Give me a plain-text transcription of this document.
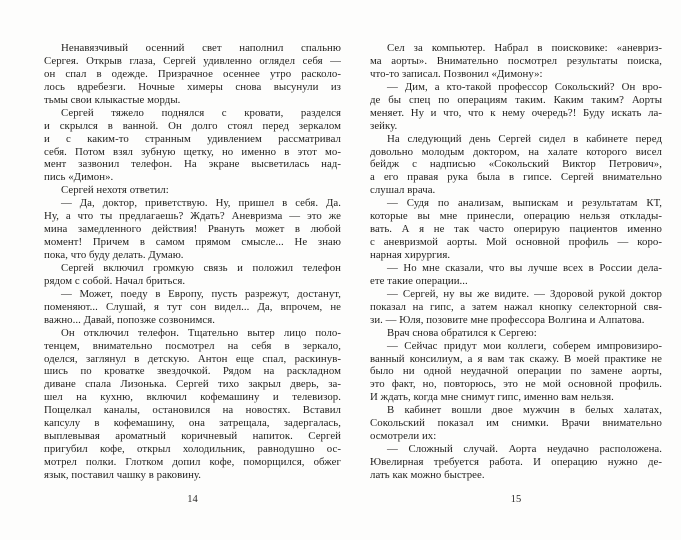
Ненавязчивый осенний свет наполнил спальню
Сергея. Открыв глаза, Сергей удивленно оглядел себя —
он спал в одежде. Призрачное осеннее утро расколо-
лось вдребезги. Ночные химеры снова высунули из
тьмы свои клыкастые морды.
Сергей тяжело поднялся с кровати, разделся
и скрылся в ванной. Он долго стоял перед зеркалом
и с каким-то странным удивлением рассматривал
себя. Потом взял зубную щетку, но именно в этот мо-
мент зазвонил телефон. На экране высветилась над-
пись «Димон».
Сергей нехотя ответил:
— Да, доктор, приветствую. Ну, пришел в себя. Да.
Ну, а что ты предлагаешь? Ждать? Аневризма — это же
мина замедленного действия! Рвануть может в любой
момент! Причем в самом прямом смысле... Не знаю
пока, что буду делать. Думаю.
Сергей включил громкую связь и положил телефон
рядом с собой. Начал бриться.
— Может, поеду в Европу, пусть разрежут, достанут,
поменяют... Слушай, я тут сон видел... Да, впрочем, не
важно... Давай, попозже созвонимся.
Он отключил телефон. Тщательно вытер лицо поло-
тенцем, внимательно посмотрел на себя в зеркало,
оделся, заглянул в детскую. Антон еще спал, раскинув-
шись по кроватке звездочкой. Рядом на раскладном
диване спала Лизонька. Сергей тихо закрыл дверь, за-
шел на кухню, включил кофемашину и телевизор.
Пощелкал каналы, остановился на новостях. Вставил
капсулу в кофемашину, она затрещала, задергалась,
выплевывая ароматный коричневый напиток. Сергей
пригубил кофе, открыл холодильник, равнодушно ос-
мотрел полки. Глотком допил кофе, поморщился, обжег
язык, поставил чашку в раковину.
14
Сел за компьютер. Набрал в поисковике: «аневриз-
ма аорты». Внимательно посмотрел результаты поиска,
что-то записал. Позвонил «Димону»:
— Дим, а кто-такой профессор Сокольский? Он вро-
де бы спец по операциям таким. Каким таким? Аорты
меняет. Ну и что, что к нему очередь?! Буду искать ла-
зейку.
На следующий день Сергей сидел в кабинете перед
довольно молодым доктором, на халате которого висел
бейдж с надписью «Сокольский Виктор Петрович»,
а его правая рука была в гипсе. Сергей внимательно
слушал врача.
— Судя по анализам, выпискам и результатам КТ,
которые вы мне принесли, операцию нельзя отклады-
вать. А я не так часто оперирую пациентов именно
с аневризмой аорты. Мой основной профиль — коро-
нарная хирургия.
— Но мне сказали, что вы лучше всех в России дела-
ете такие операции...
— Сергей, ну вы же видите. — Здоровой рукой доктор
показал на гипс, а затем нажал кнопку селекторной свя-
зи. — Юля, позовите мне профессора Волгина и Алпатова.
Врач снова обратился к Сергею:
— Сейчас придут мои коллеги, соберем импровизиро-
ванный консилиум, а я вам так скажу. В моей практике не
было ни одной неудачной операции по замене аорты,
это факт, но, повторюсь, это не мой основной профиль.
И ждать, когда мне снимут гипс, именно вам нельзя.
В кабинет вошли двое мужчин в белых халатах,
Сокольский показал им снимки. Врачи внимательно
осмотрели их:
— Сложный случай. Аорта неудачно расположена.
Ювелирная требуется работа. И операцию нужно де-
лать как можно быстрее.
15
